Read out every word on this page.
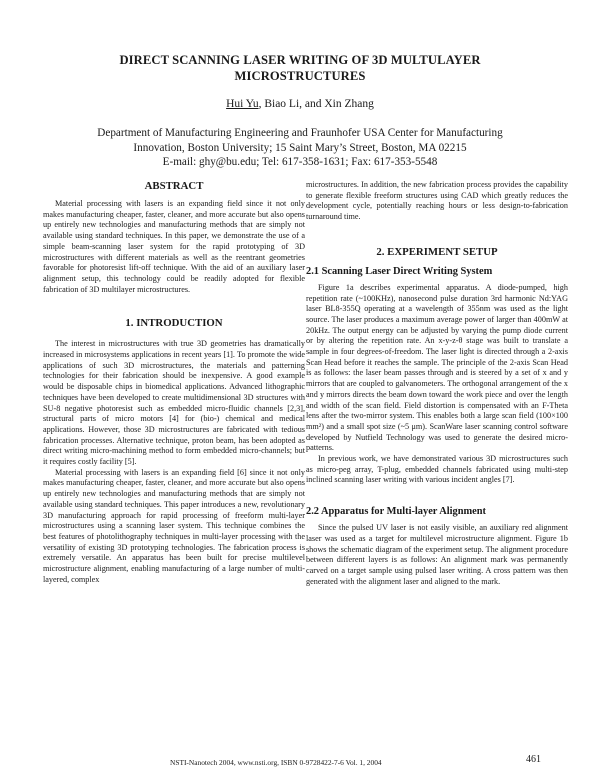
DIRECT SCANNING LASER WRITING OF 3D MULTULAYER MICROSTRUCTURES
Hui Yu, Biao Li, and Xin Zhang
Department of Manufacturing Engineering and Fraunhofer USA Center for Manufacturing
Innovation, Boston University; 15 Saint Mary’s Street, Boston, MA 02215
E-mail: ghy@bu.edu; Tel: 617-358-1631; Fax: 617-353-5548

ABSTRACT

Material processing with lasers is an expanding field since it not only makes manufacturing cheaper, faster, cleaner, and more accurate but also opens up entirely new technologies and manufacturing methods that are simply not available using standard techniques. In this paper, we demonstrate the use of a simple beam-scanning laser system for the rapid prototyping of 3D microstructures with different materials as well as the reentrant geometries favorable for photoresist lift-off technique. With the aid of an auxiliary laser alignment setup, this technology could be readily adopted for flexible fabrication of 3D multilayer microstructures.

1. INTRODUCTION

The interest in microstructures with true 3D geometries has dramatically increased in microsystems applications in recent years [1]. To promote the wide applications of such 3D microstructures, the materials and patterning technologies for their fabrication should be inexpensive. A good example would be disposable chips in biomedical applications. Advanced lithographic techniques have been developed to create multidimensional 3D structures with SU-8 negative photoresist such as embedded micro-fluidic channels [2,3], structural parts of micro motors [4] for (bio-) chemical and medical applications. However, those 3D microstructures are fabricated with tedious fabrication processes. Alternative technique, proton beam, has been adopted as direct writing micro-machining method to form embedded micro-channels; but it requires costly facility [5].

Material processing with lasers is an expanding field [6] since it not only makes manufacturing cheaper, faster, cleaner, and more accurate but also opens up entirely new technologies and manufacturing methods that are simply not available using standard techniques. This paper introduces a new, revolutionary 3D manufacturing approach for rapid processing of freeform multi-layer microstructures using a scanning laser system. This technique combines the best features of photolithography techniques in multi-layer processing with the versatility of existing 3D prototyping technologies. The fabrication process is extremely versatile. An apparatus has been built for precise multilevel microstructure alignment, enabling manufacturing of a large number of multi-layered, complex

microstructures. In addition, the new fabrication process provides the capability to generate flexible freeform structures using CAD which greatly reduces the development cycle, potentially reaching hours or less design-to-fabrication turnaround time.

2. EXPERIMENT SETUP

2.1 Scanning Laser Direct Writing System

Figure 1a describes experimental apparatus. A diode-pumped, high repetition rate (~100KHz), nanosecond pulse duration 3rd harmonic Nd:YAG laser BL8-355Q operating at a wavelength of 355nm was used as the light source. The laser produces a maximum average power of larger than 400mW at 20kHz. The output energy can be adjusted by varying the pump diode current or by altering the repetition rate. An x-y-z-θ stage was built to translate a sample in four degrees-of-freedom. The laser light is directed through a 2-axis Scan Head before it reaches the sample. The principle of the 2-axis Scan Head is as follows: the laser beam passes through and is steered by a set of x and y mirrors that are coupled to galvanometers. The orthogonal arrangement of the x and y mirrors directs the beam down toward the work piece and over the length and width of the scan field. Field distortion is compensated with an F-Theta lens after the two-mirror system. This enables both a large scan field (100×100 mm²) and a small spot size (~5 μm). ScanWare laser scanning control software developed by Nutfield Technology was used to generate the desired micro-patterns.

In previous work, we have demonstrated various 3D microstructures such as micro-peg array, T-plug, embedded channels fabricated using multi-step inclined scanning laser writing with various incident angles [7].

2.2 Apparatus for Multi-layer Alignment

Since the pulsed UV laser is not easily visible, an auxiliary red alignment laser was used as a target for multilevel microstructure alignment. Figure 1b shows the schematic diagram of the experiment setup. The alignment procedure between different layers is as follows: An alignment mark was permanently carved on a target sample using pulsed laser writing. A cross pattern was then generated with the alignment laser and aligned to the mark.

NSTI-Nanotech 2004, www.nsti.org, ISBN 0-9728422-7-6 Vol. 1, 2004	461
